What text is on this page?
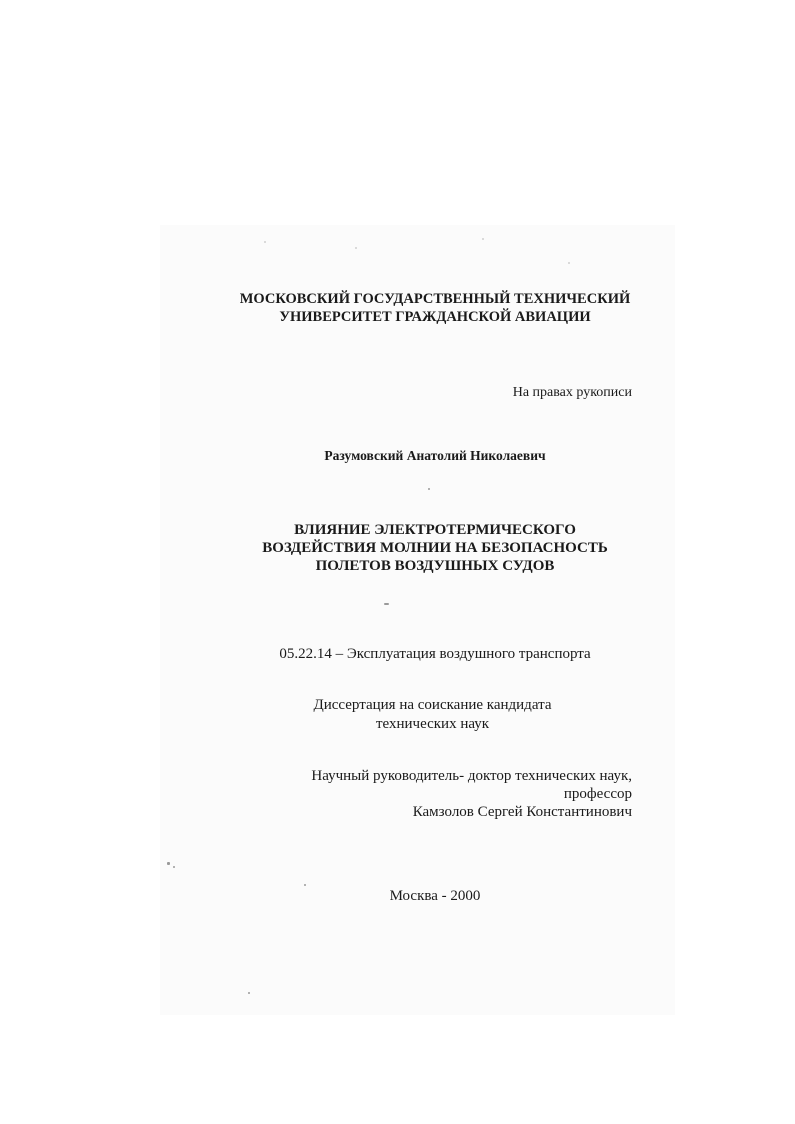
МОСКОВСКИЙ ГОСУДАРСТВЕННЫЙ ТЕХНИЧЕСКИЙ
УНИВЕРСИТЕТ ГРАЖДАНСКОЙ АВИАЦИИ
На правах рукописи
Разумовский Анатолий Николаевич
ВЛИЯНИЕ ЭЛЕКТРОТЕРМИЧЕСКОГО
ВОЗДЕЙСТВИЯ МОЛНИИ НА БЕЗОПАСНОСТЬ
ПОЛЕТОВ ВОЗДУШНЫХ СУДОВ
05.22.14 – Эксплуатация воздушного транспорта
Диссертация на соискание кандидата
технических наук
Научный руководитель- доктор технических наук,
профессор
Камзолов Сергей Константинович
Москва - 2000
